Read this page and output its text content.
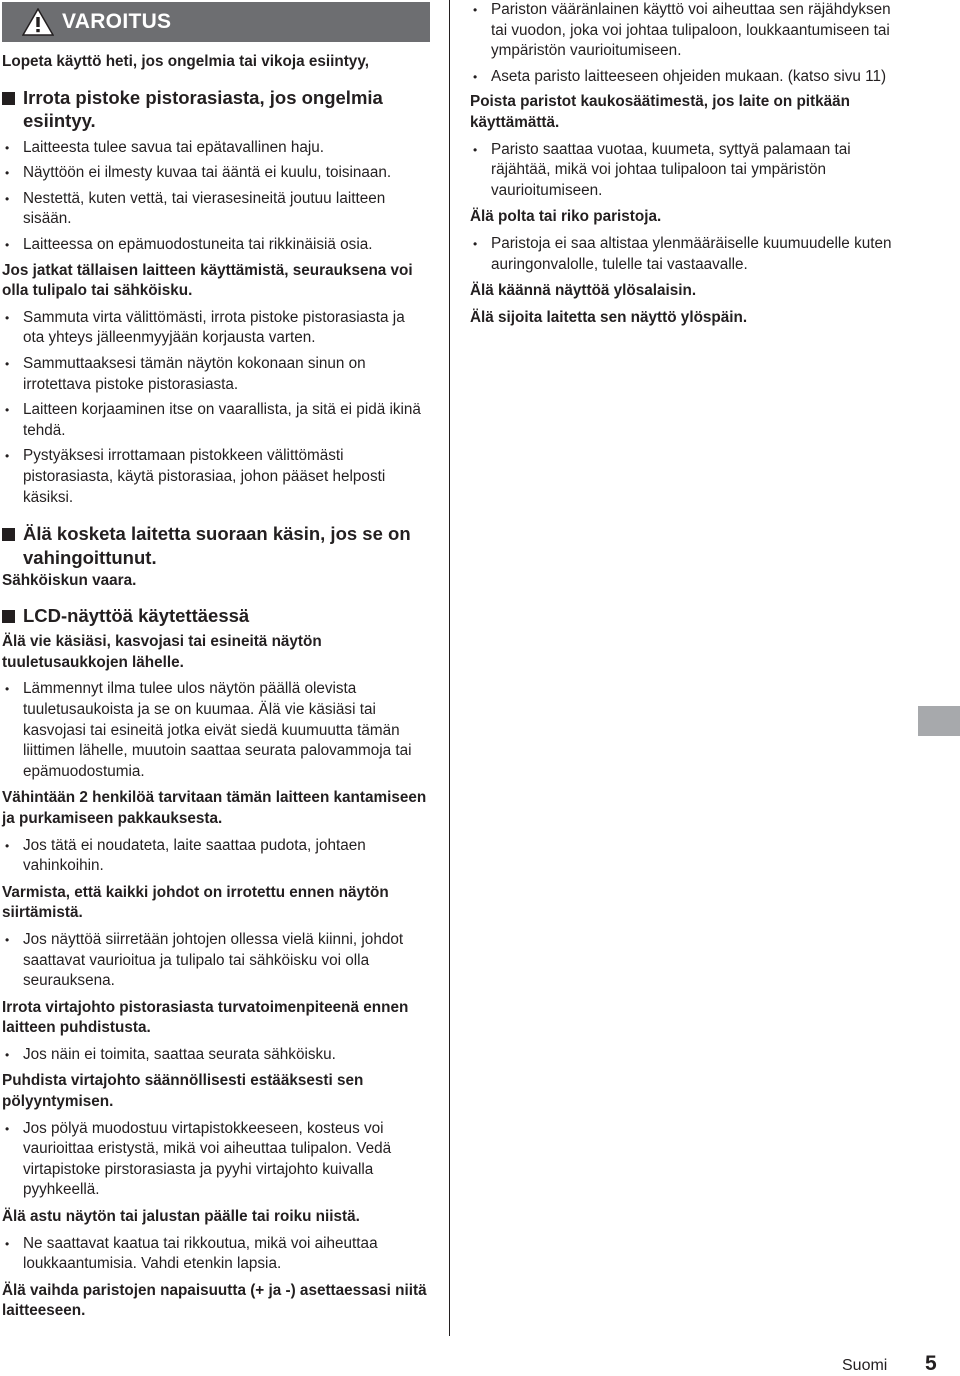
VAROITUS

Lopeta käyttö heti, jos ongelmia tai vikoja esiintyy,

Irrota pistoke pistorasiasta, jos ongelmia esiintyy.
• Laitteesta tulee savua tai epätavallinen haju.
• Näyttöön ei ilmesty kuvaa tai ääntä ei kuulu, toisinaan.
• Nestettä, kuten vettä, tai vierasesineitä joutuu laitteen sisään.
• Laitteessa on epämuodostuneita tai rikkinäisiä osia.

Jos jatkat tällaisen laitteen käyttämistä, seurauksena voi olla tulipalo tai sähköisku.

• Sammuta virta välittömästi, irrota pistoke pistorasiasta ja ota yhteys jälleenmyyjään korjausta varten.
• Sammuttaaksesi tämän näytön kokonaan sinun on irrotettava pistoke pistorasiasta.
• Laitteen korjaaminen itse on vaarallista, ja sitä ei pidä ikinä tehdä.
• Pystyäksesi irrottamaan pistokkeen välittömästi pistorasiasta, käytä pistorasiaa, johon pääset helposti käsiksi.
Älä kosketa laitetta suoraan käsin, jos se on vahingoittunut.

Sähköiskun vaara.

LCD-näyttöä käytettäessä

Älä vie käsiäsi, kasvojasi tai esineitä näytön tuuletusaukkojen lähelle.

• Lämmennyt ilma tulee ulos näytön päällä olevista tuuletusaukoista ja se on kuumaa. Älä vie käsiäsi tai kasvojasi tai esineitä jotka eivät siedä kuumuutta tämän liittimen lähelle, muutoin saattaa seurata palovammoja tai epämuodostumia.

Vähintään 2 henkilöä tarvitaan tämän laitteen kantamiseen ja purkamiseen pakkauksesta.

• Jos tätä ei noudateta, laite saattaa pudota, johtaen vahinkoihin.

Varmista, että kaikki johdot on irrotettu ennen näytön siirtämistä.

• Jos näyttöä siirretään johtojen ollessa vielä kiinni, johdot saattavat vaurioitua ja tulipalo tai sähköisku voi olla seurauksena.

Irrota virtajohto pistorasiasta turvatoimenpiteenä ennen laitteen puhdistusta.

• Jos näin ei toimita, saattaa seurata sähköisku.

Puhdista virtajohto säännöllisesti estääksesti sen pölyyntymisen.

• Jos pölyä muodostuu virtapistokkeeseen, kosteus voi vaurioittaa eristystä, mikä voi aiheuttaa tulipalon. Vedä virtapistoke pirstorasiasta ja pyyhi virtajohto kuivalla pyyhkeellä.

Älä astu näytön tai jalustan päälle tai roiku niistä.

• Ne saattavat kaatua tai rikkoutua, mikä voi aiheuttaa loukkaantumisia. Vahdi etenkin lapsia.

Älä vaihda paristojen napaisuutta (+ ja -) asettaessasi niitä laitteeseen.

• Pariston vääränlainen käyttö voi aiheuttaa sen räjähdyksen tai vuodon, joka voi johtaa tulipaloon, loukkaantumiseen tai ympäristön vaurioitumiseen.
• Aseta paristo laitteeseen ohjeiden mukaan. (katso sivu 11)

Poista paristot kaukosäätimestä, jos laite on pitkään käyttämättä.

• Paristo saattaa vuotaa, kuumeta, syttyä palamaan tai räjähtää, mikä voi johtaa tulipaloon tai ympäristön vaurioitumiseen.

Älä polta tai riko paristoja.

• Paristoja ei saa altistaa ylenmääräiselle kuumuudelle kuten auringonvalolle, tulelle tai vastaavalle.

Älä käännä näyttöä ylösalaisin.

Älä sijoita laitetta sen näyttö ylöspäin.

Suomi 5
